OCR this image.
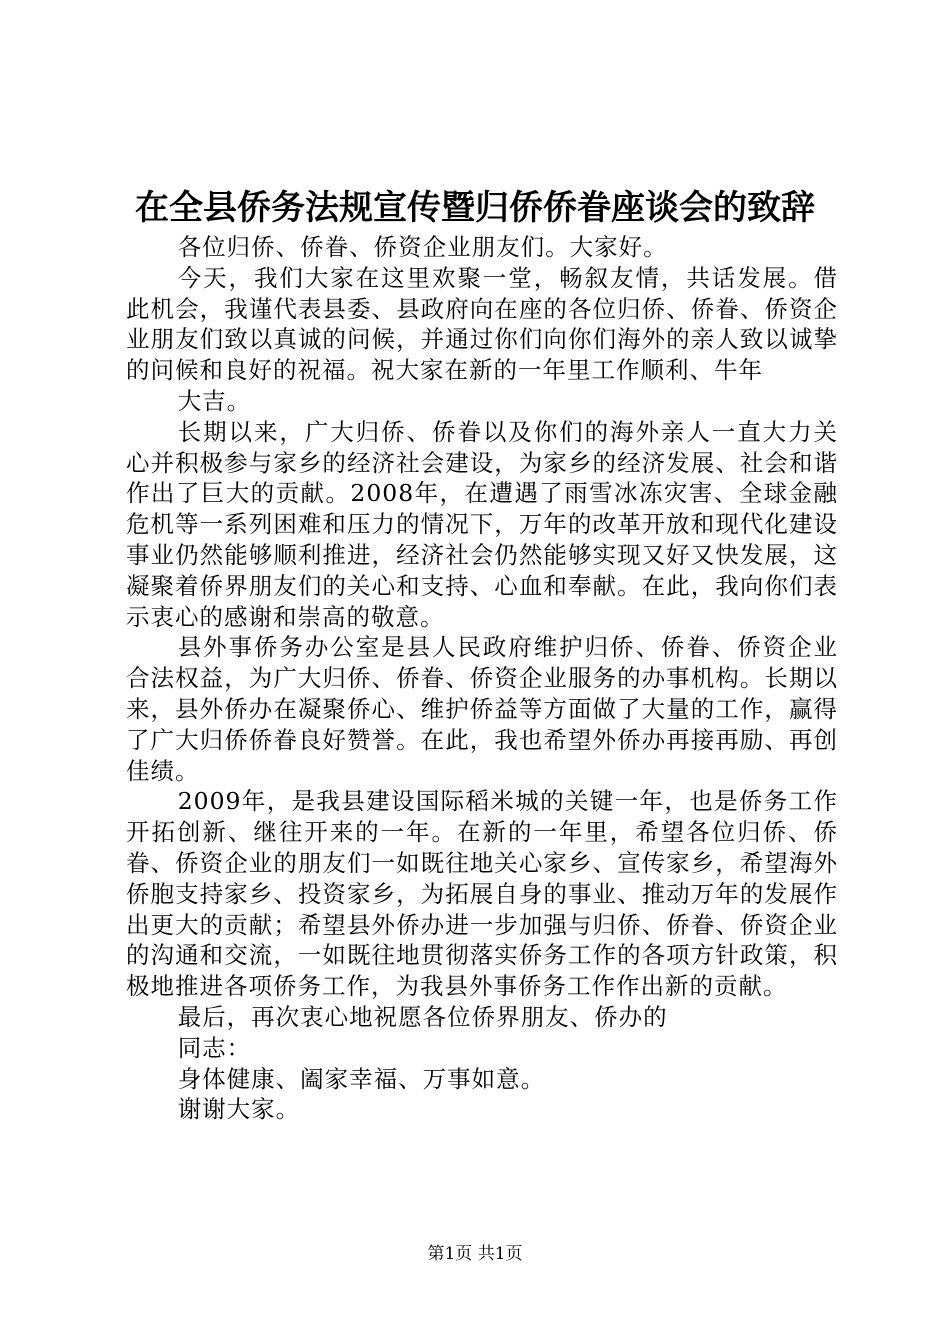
在全县侨务法规宣传暨归侨侨眷座谈会的致辞

各位归侨、侨眷、侨资企业朋友们。大家好。

今天，我们大家在这里欢聚一堂，畅叙友情，共话发展。借此机会，我谨代表县委、县政府向在座的各位归侨、侨眷、侨资企业朋友们致以真诚的问候，并通过你们向你们海外的亲人致以诚挚的问候和良好的祝福。祝大家在新的一年里工作顺利、牛年

大吉。

长期以来，广大归侨、侨眷以及你们的海外亲人一直大力关心并积极参与家乡的经济社会建设，为家乡的经济发展、社会和谐作出了巨大的贡献。2008年，在遭遇了雨雪冰冻灾害、全球金融危机等一系列困难和压力的情况下，万年的改革开放和现代化建设事业仍然能够顺利推进，经济社会仍然能够实现又好又快发展，这凝聚着侨界朋友们的关心和支持、心血和奉献。在此，我向你们表示衷心的感谢和崇高的敬意。

县外事侨务办公室是县人民政府维护归侨、侨眷、侨资企业合法权益，为广大归侨、侨眷、侨资企业服务的办事机构。长期以来，县外侨办在凝聚侨心、维护侨益等方面做了大量的工作，赢得了广大归侨侨眷良好赞誉。在此，我也希望外侨办再接再励、再创佳绩。

2009年，是我县建设国际稻米城的关键一年，也是侨务工作开拓创新、继往开来的一年。在新的一年里，希望各位归侨、侨眷、侨资企业的朋友们一如既往地关心家乡、宣传家乡，希望海外侨胞支持家乡、投资家乡，为拓展自身的事业、推动万年的发展作出更大的贡献；希望县外侨办进一步加强与归侨、侨眷、侨资企业的沟通和交流，一如既往地贯彻落实侨务工作的各项方针政策，积极地推进各项侨务工作，为我县外事侨务工作作出新的贡献。

最后，再次衷心地祝愿各位侨界朋友、侨办的

同志：

身体健康、阖家幸福、万事如意。

谢谢大家。

第1页 共1页
